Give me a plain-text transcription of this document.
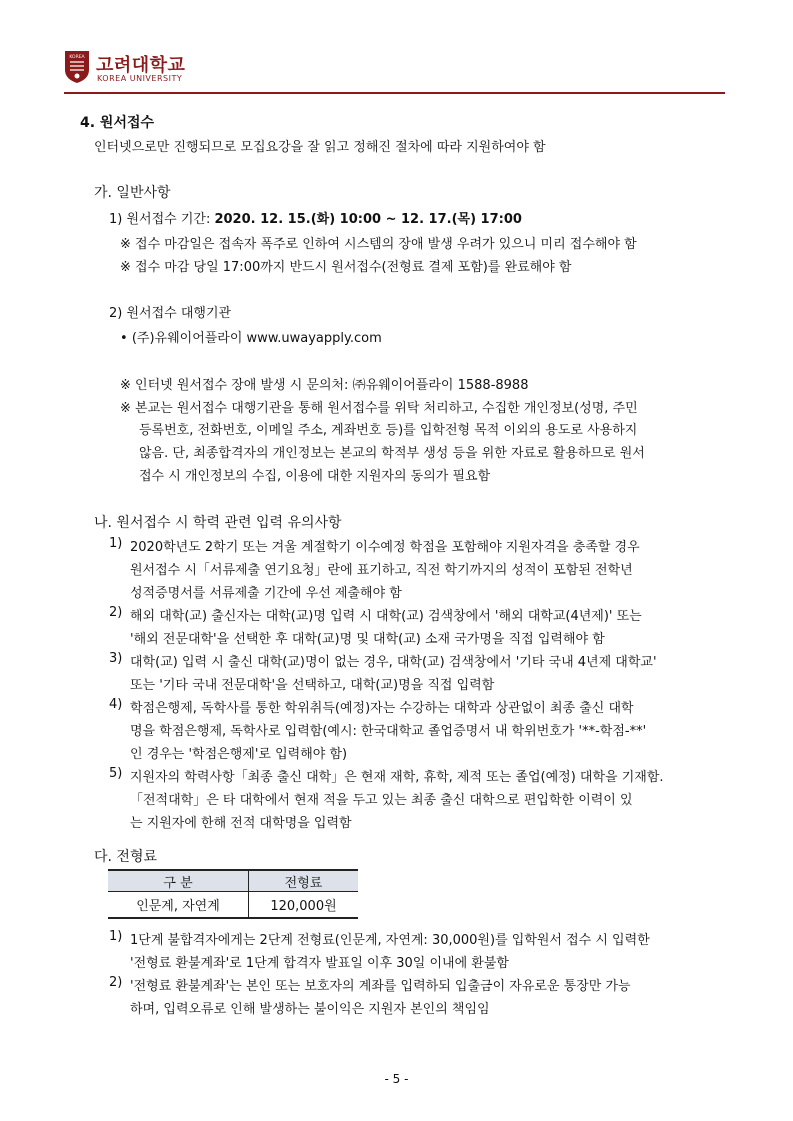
KOREA 고려대학교
KOREA UNIVERSITY
4. 원서접수
인터넷으로만 진행되므로 모집요강을 잘 읽고 정해진 절차에 따라 지원하여야 함
가. 일반사항
1) 원서접수 기간: 2020. 12. 15.(화) 10:00 ~ 12. 17.(목) 17:00
※ 접수 마감일은 접속자 폭주로 인하여 시스템의 장애 발생 우려가 있으니 미리 접수해야 함
※ 접수 마감 당일 17:00까지 반드시 원서접수(전형료 결제 포함)를 완료해야 함
2) 원서접수 대행기관
• (주)유웨이어플라이 www.uwayapply.com
※ 인터넷 원서접수 장애 발생 시 문의처: ㈜유웨이어플라이 1588-8988
※ 본교는 원서접수 대행기관을 통해 원서접수를 위탁 처리하고, 수집한 개인정보(성명, 주민
등록번호, 전화번호, 이메일 주소, 계좌번호 등)를 입학전형 목적 이외의 용도로 사용하지
않음. 단, 최종합격자의 개인정보는 본교의 학적부 생성 등을 위한 자료로 활용하므로 원서
접수 시 개인정보의 수집, 이용에 대한 지원자의 동의가 필요함
나. 원서접수 시 학력 관련 입력 유의사항
1) 2020학년도 2학기 또는 겨울 계절학기 이수예정 학점을 포함해야 지원자격을 충족할 경우
원서접수 시「서류제출 연기요청」란에 표기하고, 직전 학기까지의 성적이 포함된 전학년
성적증명서를 서류제출 기간에 우선 제출해야 함
2) 해외 대학(교) 출신자는 대학(교)명 입력 시 대학(교) 검색창에서 '해외 대학교(4년제)' 또는
'해외 전문대학'을 선택한 후 대학(교)명 및 대학(교) 소재 국가명을 직접 입력해야 함
3) 대학(교) 입력 시 출신 대학(교)명이 없는 경우, 대학(교) 검색창에서 '기타 국내 4년제 대학교'
또는 '기타 국내 전문대학'을 선택하고, 대학(교)명을 직접 입력함
4) 학점은행제, 독학사를 통한 학위취득(예정)자는 수강하는 대학과 상관없이 최종 출신 대학
명을 학점은행제, 독학사로 입력함(예시: 한국대학교 졸업증명서 내 학위번호가 '**-학점-**'
인 경우는 '학점은행제'로 입력해야 함)
5) 지원자의 학력사항「최종 출신 대학」은 현재 재학, 휴학, 제적 또는 졸업(예정) 대학을 기재함.
「전적대학」은 타 대학에서 현재 적을 두고 있는 최종 출신 대학으로 편입학한 이력이 있
는 지원자에 한해 전적 대학명을 입력함
다. 전형료
구 분	전형료
인문계, 자연계	120,000원
1) 1단계 불합격자에게는 2단계 전형료(인문계, 자연계: 30,000원)를 입학원서 접수 시 입력한
'전형료 환불계좌'로 1단계 합격자 발표일 이후 30일 이내에 환불함
2) '전형료 환불계좌'는 본인 또는 보호자의 계좌를 입력하되 입출금이 자유로운 통장만 가능
하며, 입력오류로 인해 발생하는 불이익은 지원자 본인의 책임임
- 5 -
